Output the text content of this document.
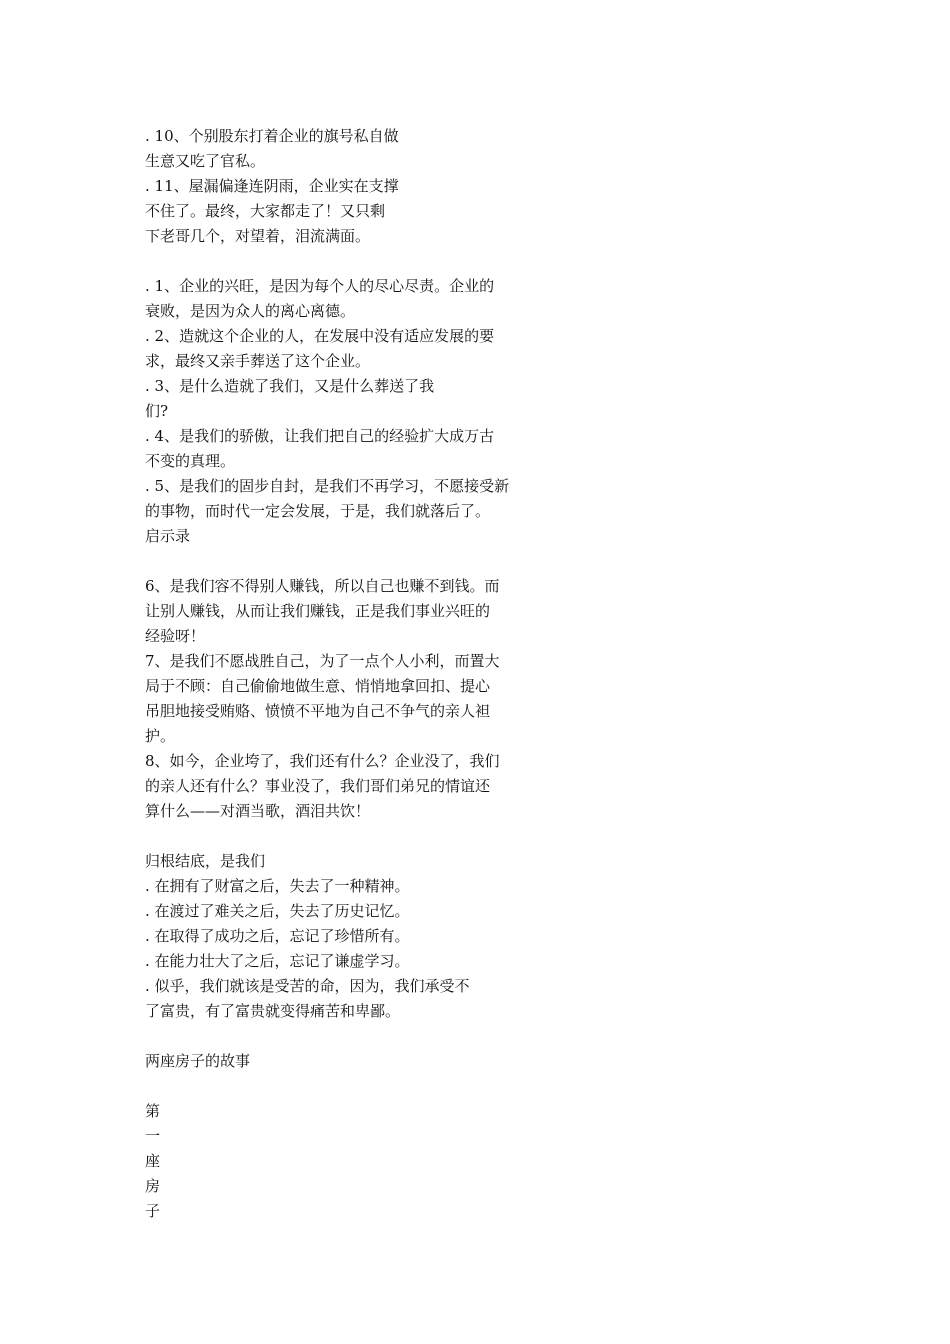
. 10、个别股东打着企业的旗号私自做
生意又吃了官私。
. 11、屋漏偏逢连阴雨，企业实在支撑
不住了。最终，大家都走了！又只剩
下老哥几个，对望着，泪流满面。
. 1、企业的兴旺，是因为每个人的尽心尽责。企业的
衰败，是因为众人的离心离德。
. 2、造就这个企业的人，在发展中没有适应发展的要
求，最终又亲手葬送了这个企业。
. 3、是什么造就了我们，又是什么葬送了我
们?
. 4、是我们的骄傲，让我们把自己的经验扩大成万古
不变的真理。
. 5、是我们的固步自封，是我们不再学习，不愿接受新
的事物，而时代一定会发展，于是，我们就落后了。
启示录
6、是我们容不得别人赚钱，所以自己也赚不到钱。而
让别人赚钱，从而让我们赚钱，正是我们事业兴旺的
经验呀！
7、是我们不愿战胜自己，为了一点个人小利，而置大
局于不顾：自己偷偷地做生意、悄悄地拿回扣、提心
吊胆地接受贿赂、愤愤不平地为自己不争气的亲人袒
护。
8、如今，企业垮了，我们还有什么？企业没了，我们
的亲人还有什么？事业没了，我们哥们弟兄的情谊还
算什么——对酒当歌，酒泪共饮！
归根结底，是我们
. 在拥有了财富之后，失去了一种精神。
. 在渡过了难关之后，失去了历史记忆。
. 在取得了成功之后，忘记了珍惜所有。
. 在能力壮大了之后，忘记了谦虚学习。
. 似乎，我们就该是受苦的命，因为，我们承受不
了富贵，有了富贵就变得痛苦和卑鄙。
两座房子的故事
第
一
座
房
子
